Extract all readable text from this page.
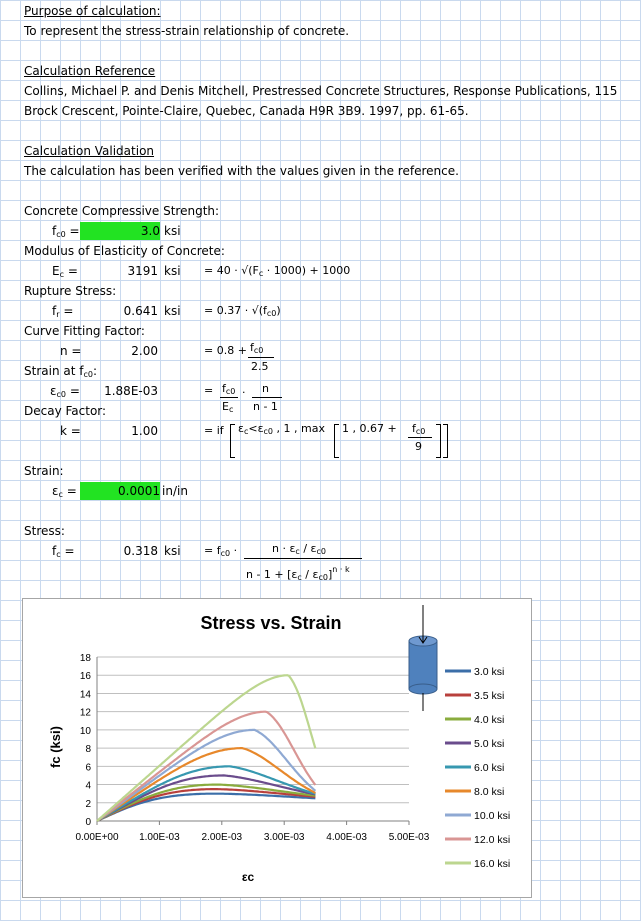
Purpose of calculation:
To represent the stress-strain relationship of concrete.
Calculation Reference
Collins, Michael P. and Denis Mitchell, Prestressed Concrete Structures, Response Publications, 115
Brock Crescent, Pointe-Claire, Quebec, Canada H9R 3B9. 1997, pp. 61-65.
Calculation Validation
The calculation has been verified with the values given in the reference.
Concrete Compressive Strength:
$f_{c0}$ =	3.0 ksi
Modulus of Elasticity of Concrete:
$E_c$ =	3191 ksi = $40 \cdot √(F_c \cdot 1000) + 1000$
Rupture Stress:
$f_r$ =	0.641 ksi = $0.37 \cdot √(f_{c0})$
Curve Fitting Factor:
n =	2.00	= $0.8 + f_{c0}$
2.5
Strain at $f_{c0}$:
$\varepsilon_{c0}$ =	1.88E-03	= $f_{c0}$
$E_c$
· n
n - 1
Decay Factor:
k =	1.00	= if $\varepsilon_c<\varepsilon_{c0}$ , 1 , max 1 , $0.67 + f_{c0}$
9
Strain:
$\varepsilon_c$ =	0.0001 in/in
Stress:
$f_c$ =	0.318 ksi = $f_{c0}$ ·	$n \cdot \varepsilon_c / \varepsilon_{c0}$
$n - 1 + [\varepsilon_c / \varepsilon_{c0}]^{n \cdot k}$
Stress vs. Strain
fc (ksi)
εc
0
2
4
6
8
10
12
14
16
18
0.00E+00 1.00E-03 2.00E-03 3.00E-03 4.00E-03 5.00E-03
3.0 ksi
3.5 ksi
4.0 ksi
5.0 ksi
6.0 ksi
8.0 ksi
10.0 ksi
12.0 ksi
16.0 ksi
